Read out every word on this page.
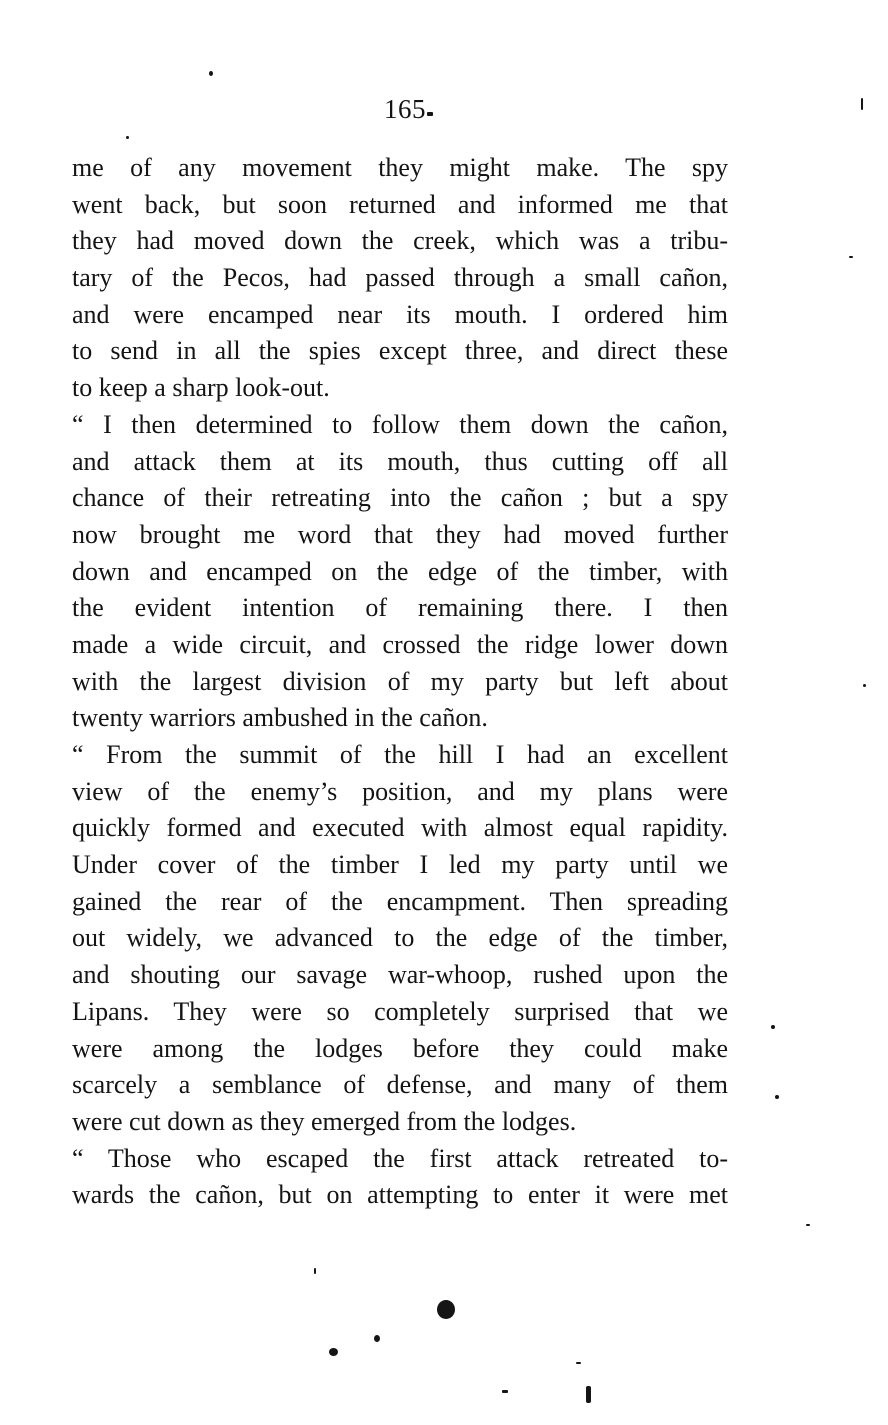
165
me of any movement they might make. The spy
went back, but soon returned and informed me that
they had moved down the creek, which was a tribu-
tary of the Pecos, had passed through a small cañon,
and were encamped near its mouth. I ordered him
to send in all the spies except three, and direct these
to keep a sharp look-out.
“ I then determined to follow them down the cañon,
and attack them at its mouth, thus cutting off all
chance of their retreating into the cañon ; but a spy
now brought me word that they had moved further
down and encamped on the edge of the timber, with
the evident intention of remaining there. I then
made a wide circuit, and crossed the ridge lower down
with the largest division of my party but left about
twenty warriors ambushed in the cañon.
“ From the summit of the hill I had an excellent
view of the enemy’s position, and my plans were
quickly formed and executed with almost equal rapidity.
Under cover of the timber I led my party until we
gained the rear of the encampment. Then spreading
out widely, we advanced to the edge of the timber,
and shouting our savage war-whoop, rushed upon the
Lipans. They were so completely surprised that we
were among the lodges before they could make
scarcely a semblance of defense, and many of them
were cut down as they emerged from the lodges.
“ Those who escaped the first attack retreated to-
wards the cañon, but on attempting to enter it were met
